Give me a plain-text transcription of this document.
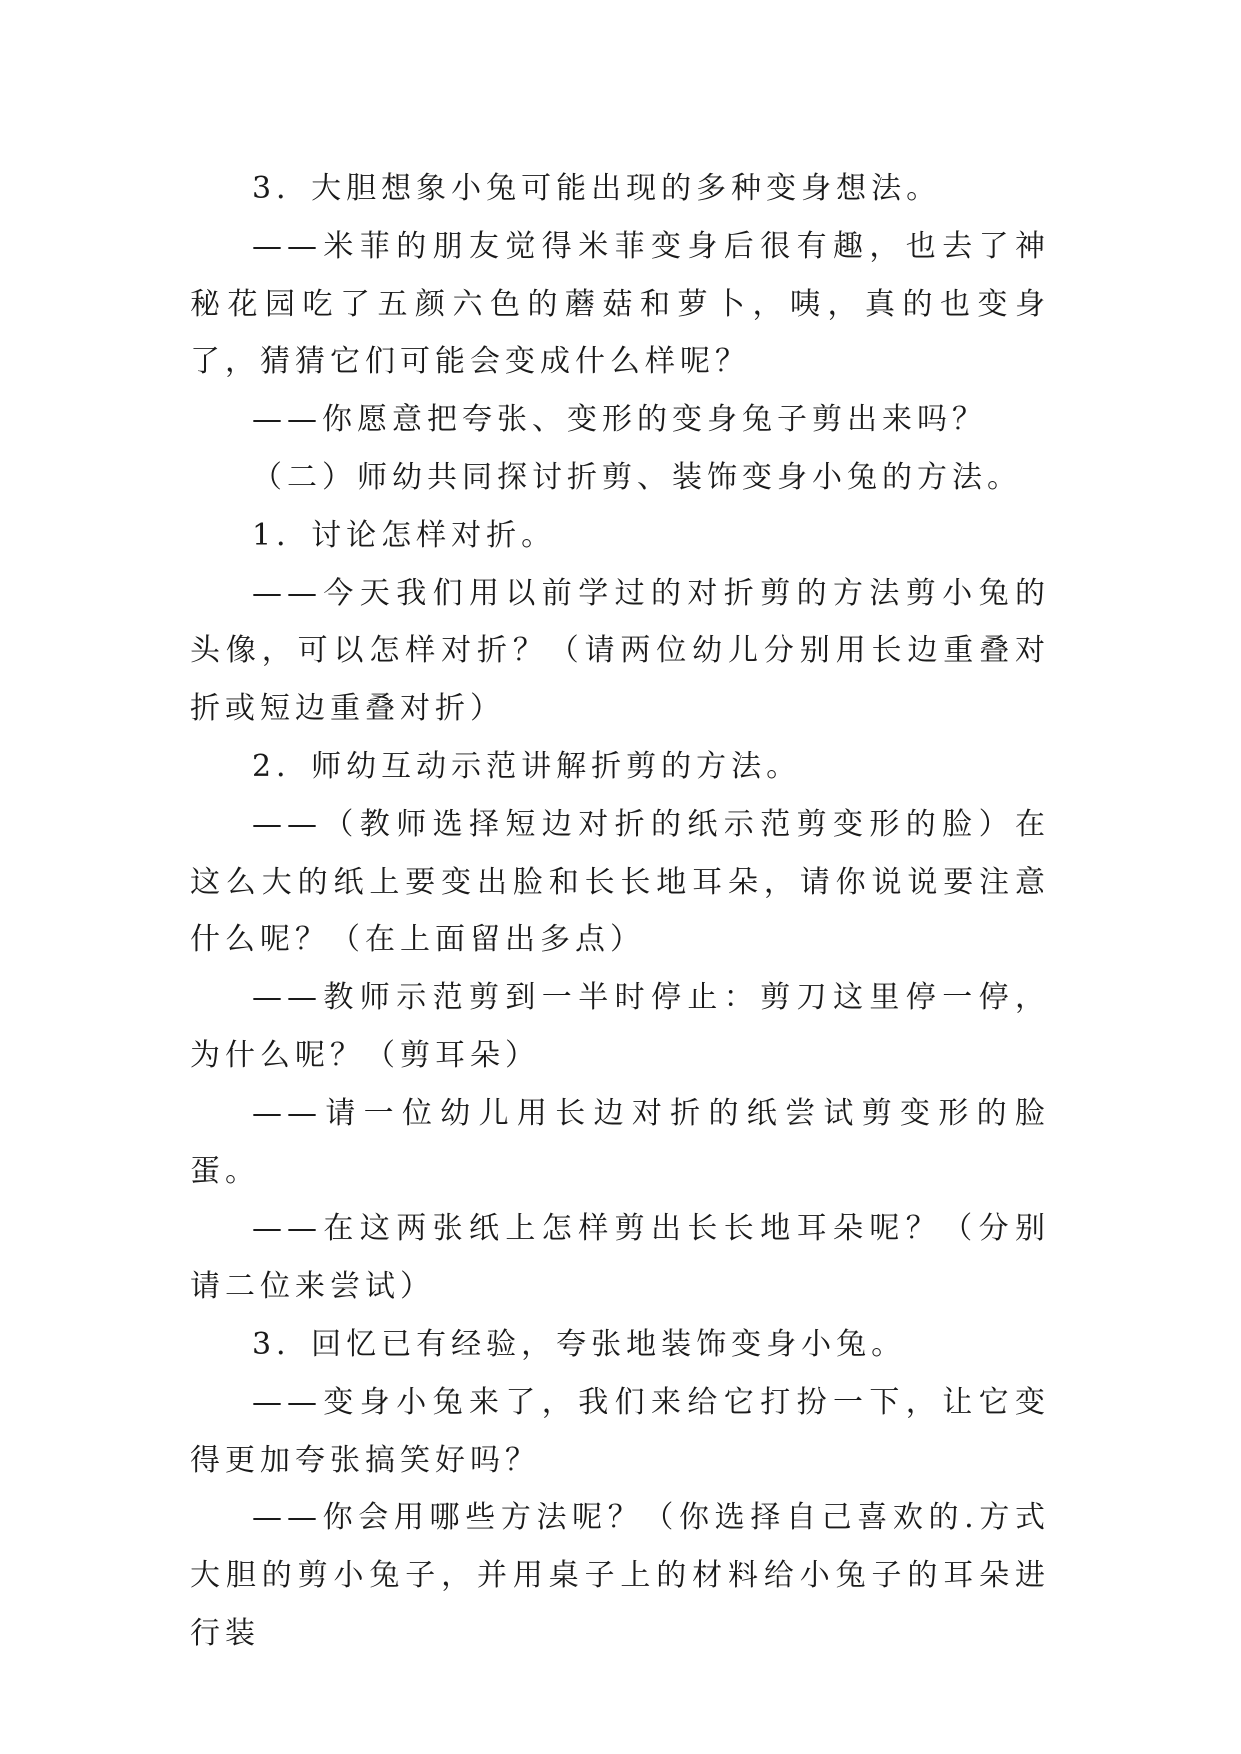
3．大胆想象小兔可能出现的多种变身想法。

——米菲的朋友觉得米菲变身后很有趣，也去了神秘花园吃了五颜六色的蘑菇和萝卜，咦，真的也变身了，猜猜它们可能会变成什么样呢？

——你愿意把夸张、变形的变身兔子剪出来吗？

（二）师幼共同探讨折剪、装饰变身小兔的方法。

1．讨论怎样对折。

——今天我们用以前学过的对折剪的方法剪小兔的头像，可以怎样对折？（请两位幼儿分别用长边重叠对折或短边重叠对折）

2．师幼互动示范讲解折剪的方法。

——（教师选择短边对折的纸示范剪变形的脸）在这么大的纸上要变出脸和长长地耳朵，请你说说要注意什么呢？（在上面留出多点）

——教师示范剪到一半时停止：剪刀这里停一停，为什么呢？（剪耳朵）

——请一位幼儿用长边对折的纸尝试剪变形的脸蛋。

——在这两张纸上怎样剪出长长地耳朵呢？（分别请二位来尝试）

3．回忆已有经验，夸张地装饰变身小兔。

——变身小兔来了，我们来给它打扮一下，让它变得更加夸张搞笑好吗？

——你会用哪些方法呢？（你选择自己喜欢的.方式大胆的剪小兔子，并用桌子上的材料给小兔子的耳朵进行装
